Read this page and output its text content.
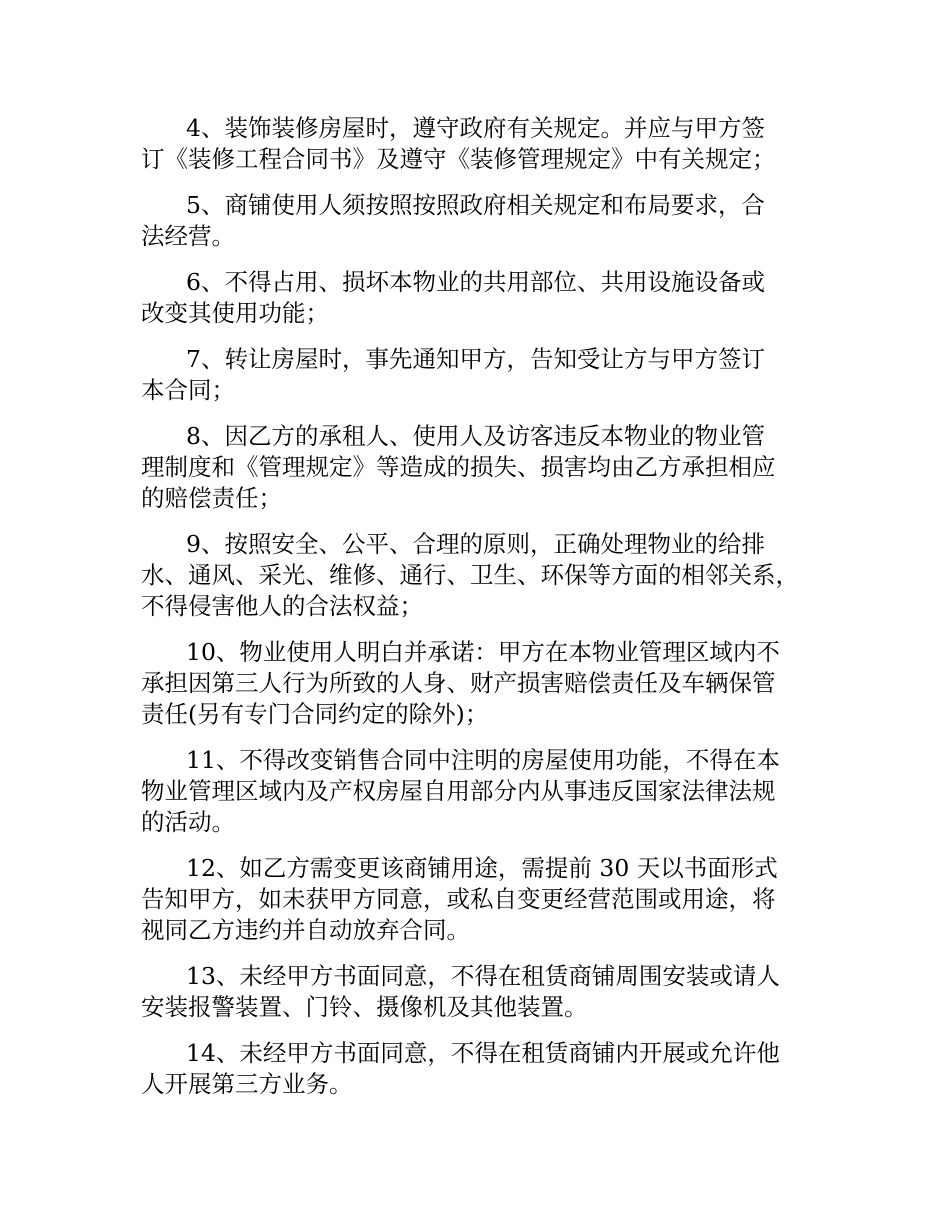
4、装饰装修房屋时，遵守政府有关规定。并应与甲方签
订《装修工程合同书》及遵守《装修管理规定》中有关规定；

5、商铺使用人须按照按照政府相关规定和布局要求，合
法经营。

6、不得占用、损坏本物业的共用部位、共用设施设备或
改变其使用功能；

7、转让房屋时，事先通知甲方，告知受让方与甲方签订
本合同；

8、因乙方的承租人、使用人及访客违反本物业的物业管
理制度和《管理规定》等造成的损失、损害均由乙方承担相应
的赔偿责任；

9、按照安全、公平、合理的原则，正确处理物业的给排
水、通风、采光、维修、通行、卫生、环保等方面的相邻关系，
不得侵害他人的合法权益；

10、物业使用人明白并承诺：甲方在本物业管理区域内不
承担因第三人行为所致的人身、财产损害赔偿责任及车辆保管
责任(另有专门合同约定的除外)；

11、不得改变销售合同中注明的房屋使用功能，不得在本
物业管理区域内及产权房屋自用部分内从事违反国家法律法规
的活动。

12、如乙方需变更该商铺用途，需提前 30 天以书面形式
告知甲方，如未获甲方同意，或私自变更经营范围或用途，将
视同乙方违约并自动放弃合同。

13、未经甲方书面同意，不得在租赁商铺周围安装或请人
安装报警装置、门铃、摄像机及其他装置。

14、未经甲方书面同意，不得在租赁商铺内开展或允许他
人开展第三方业务。
